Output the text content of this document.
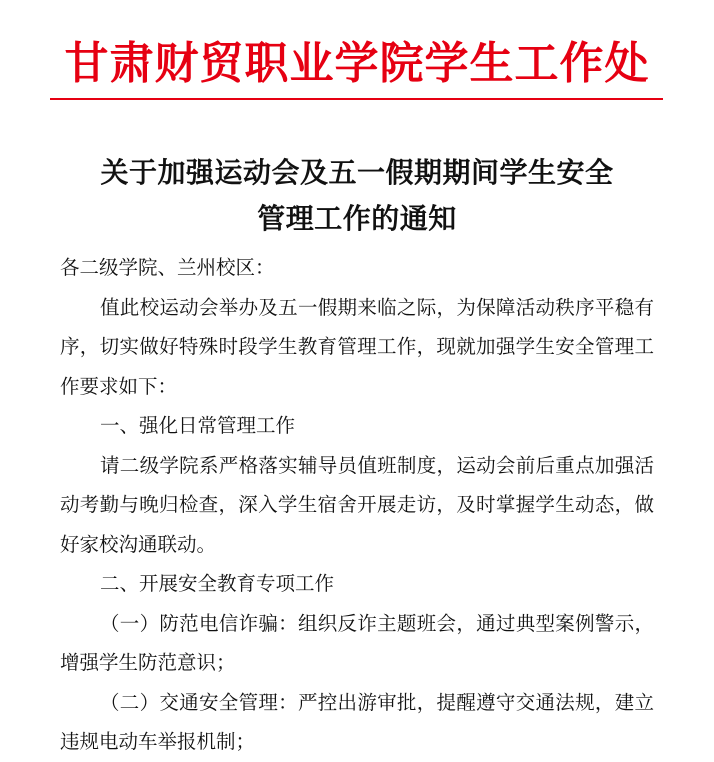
甘肃财贸职业学院学生工作处
关于加强运动会及五一假期期间学生安全
管理工作的通知

各二级学院、兰州校区：

值此校运动会举办及五一假期来临之际，为保障活动秩序平稳有序，切实做好特殊时段学生教育管理工作，现就加强学生安全管理工作要求如下：

一、强化日常管理工作

请二级学院系严格落实辅导员值班制度，运动会前后重点加强活动考勤与晚归检查，深入学生宿舍开展走访，及时掌握学生动态，做好家校沟通联动。

二、开展安全教育专项工作

（一）防范电信诈骗：组织反诈主题班会，通过典型案例警示，增强学生防范意识；

（二）交通安全管理：严控出游审批，提醒遵守交通法规，建立违规电动车举报机制；
